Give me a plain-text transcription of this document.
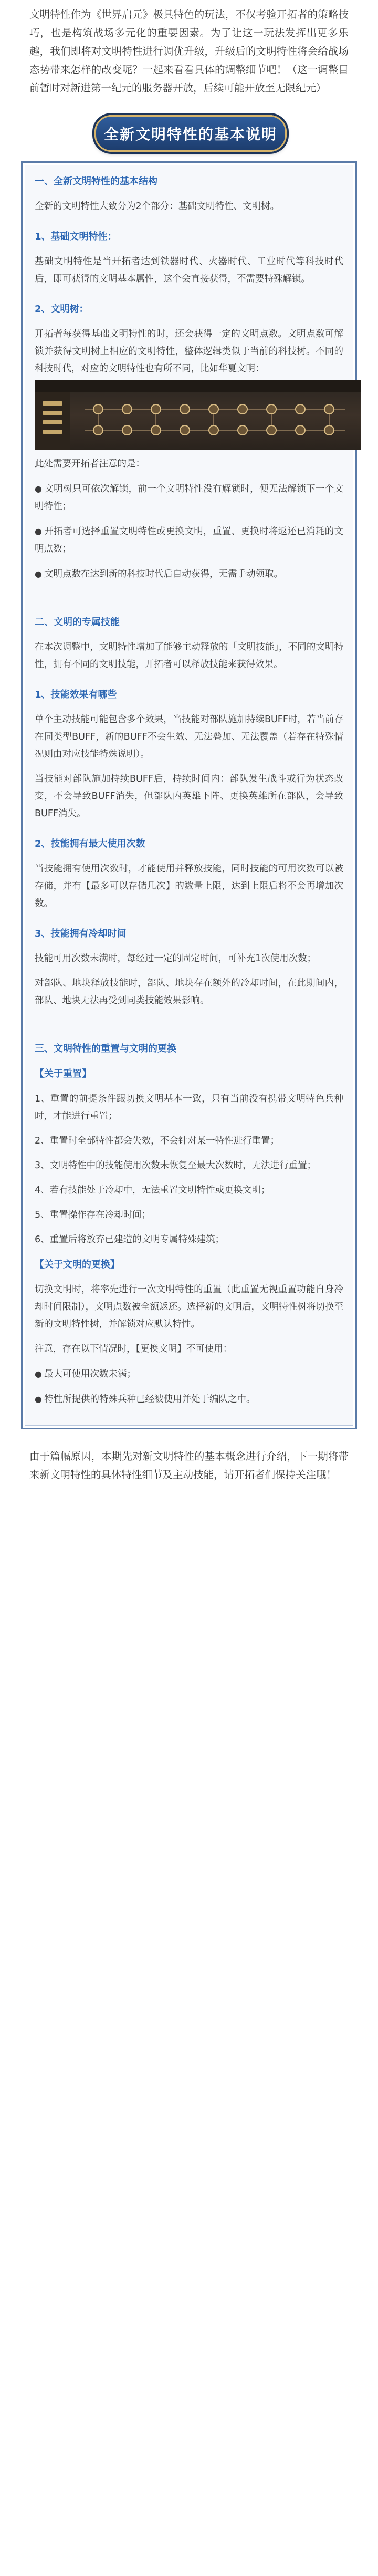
文明特性作为《世界启元》极具特色的玩法，不仅考验开拓者的策略技巧，也是构筑战场多元化的重要因素。为了让这一玩法发挥出更多乐趣，我们即将对文明特性进行调优升级，升级后的文明特性将会给战场态势带来怎样的改变呢？一起来看看具体的调整细节吧！（这一调整目前暂时对新进第一纪元的服务器开放，后续可能开放至无限纪元）

全新文明特性的基本说明

一、全新文明特性的基本结构

全新的文明特性大致分为2个部分：基础文明特性、文明树。

1、基础文明特性：

基础文明特性是当开拓者达到铁器时代、火器时代、工业时代等科技时代后，即可获得的文明基本属性，这个会直接获得，不需要特殊解锁。

2、文明树：

开拓者每获得基础文明特性的时，还会获得一定的文明点数。文明点数可解锁并获得文明树上相应的文明特性，整体逻辑类似于当前的科技树。不同的科技时代，对应的文明特性也有所不同，比如华夏文明：

此处需要开拓者注意的是：

● 文明树只可依次解锁，前一个文明特性没有解锁时，便无法解锁下一个文明特性；

● 开拓者可选择重置文明特性或更换文明，重置、更换时将返还已消耗的文明点数；

● 文明点数在达到新的科技时代后自动获得，无需手动领取。

二、文明的专属技能

在本次调整中，文明特性增加了能够主动释放的「文明技能」，不同的文明特性，拥有不同的文明技能，开拓者可以释放技能来获得效果。

1、技能效果有哪些

单个主动技能可能包含多个效果，当技能对部队施加持续BUFF时，若当前存在同类型BUFF，新的BUFF不会生效、无法叠加、无法覆盖（若存在特殊情况则由对应技能特殊说明）。

当技能对部队施加持续BUFF后，持续时间内：部队发生战斗或行为状态改变，不会导致BUFF消失，但部队内英雄下阵、更换英雄所在部队，会导致BUFF消失。

2、技能拥有最大使用次数

当技能拥有使用次数时，才能使用并释放技能，同时技能的可用次数可以被存储，并有【最多可以存储几次】的数量上限，达到上限后将不会再增加次数。

3、技能拥有冷却时间

技能可用次数未满时，每经过一定的固定时间，可补充1次使用次数；

对部队、地块释放技能时，部队、地块存在额外的冷却时间，在此期间内，部队、地块无法再受到同类技能效果影响。

三、文明特性的重置与文明的更换

【关于重置】

1、重置的前提条件跟切换文明基本一致，只有当前没有携带文明特色兵种时，才能进行重置；

2、重置时全部特性都会失效，不会针对某一特性进行重置；

3、文明特性中的技能使用次数未恢复至最大次数时，无法进行重置；

4、若有技能处于冷却中，无法重置文明特性或更换文明；

5、重置操作存在冷却时间；

6、重置后将放弃已建造的文明专属特殊建筑；

【关于文明的更换】

切换文明时，将率先进行一次文明特性的重置（此重置无视重置功能自身冷却时间限制），文明点数被全额返还。选择新的文明后，文明特性树将切换至新的文明特性树，并解锁对应默认特性。

注意，存在以下情况时，【更换文明】不可使用：

● 最大可使用次数未满；

● 特性所提供的特殊兵种已经被使用并处于编队之中。

由于篇幅原因，本期先对新文明特性的基本概念进行介绍，下一期将带来新文明特性的具体特性细节及主动技能，请开拓者们保持关注哦！
